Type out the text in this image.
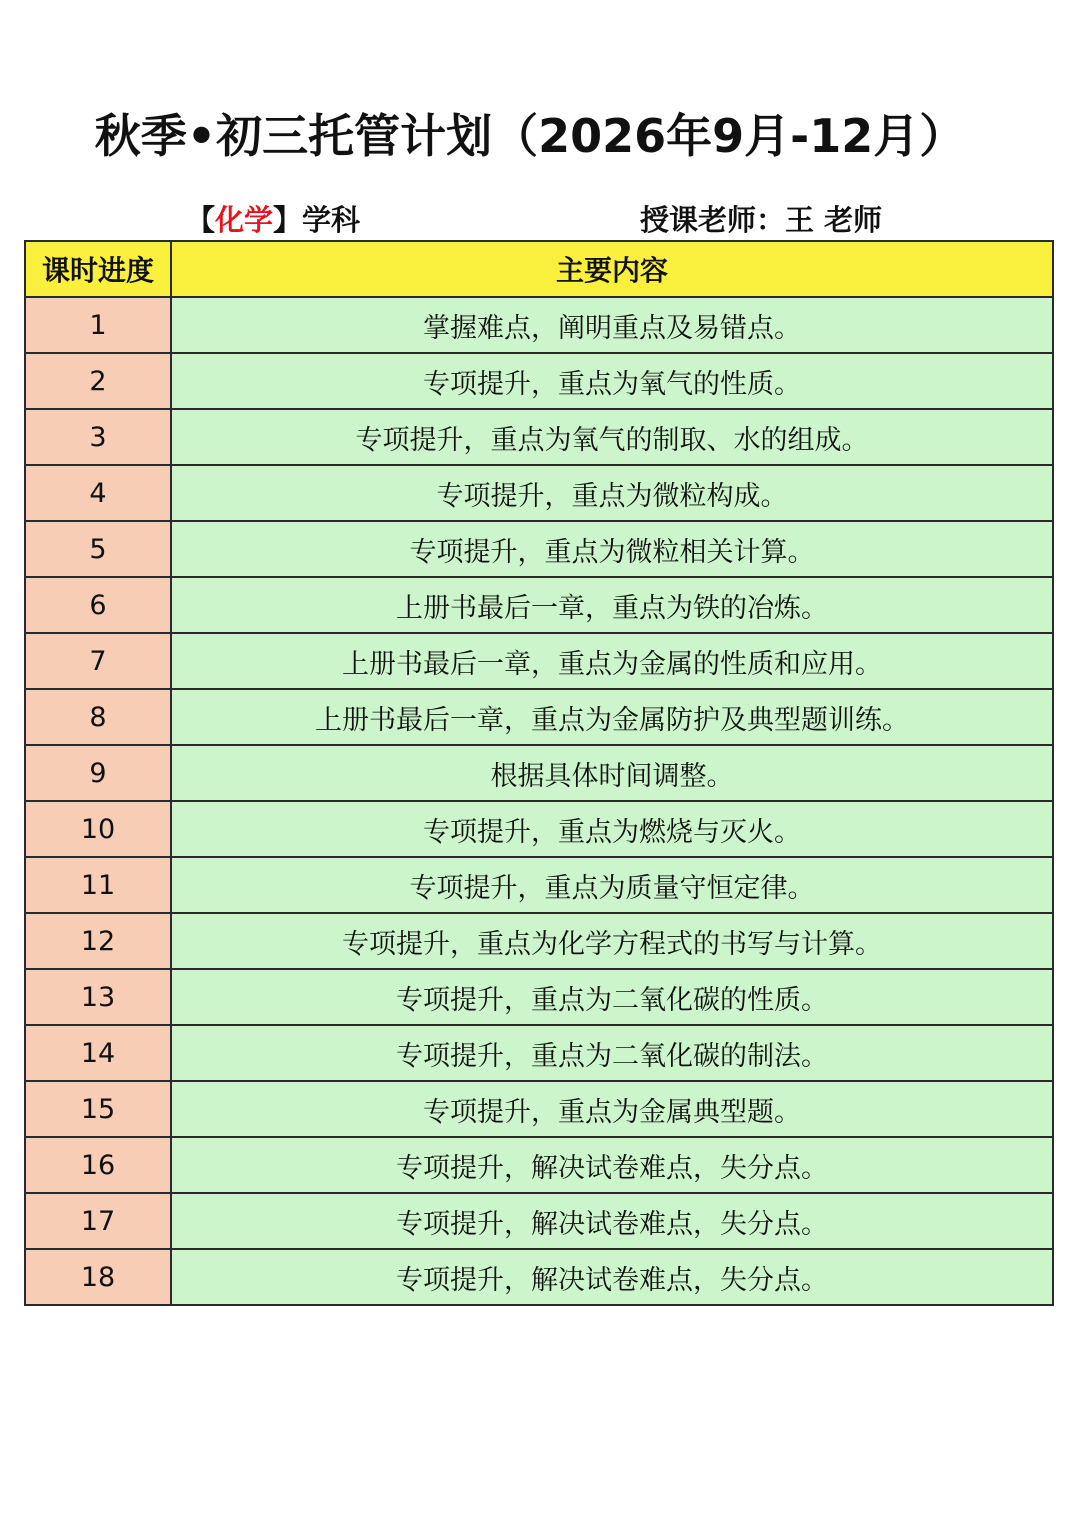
秋季•初三托管计划（2026年9月-12月）
【化学】学科	授课老师：王 老师
课时进度	主要内容
1	掌握难点，阐明重点及易错点。
2	专项提升，重点为氧气的性质。
3	专项提升，重点为氧气的制取、水的组成。
4	专项提升，重点为微粒构成。
5	专项提升，重点为微粒相关计算。
6	上册书最后一章，重点为铁的冶炼。
7	上册书最后一章，重点为金属的性质和应用。
8	上册书最后一章，重点为金属防护及典型题训练。
9	根据具体时间调整。
10	专项提升，重点为燃烧与灭火。
11	专项提升，重点为质量守恒定律。
12	专项提升，重点为化学方程式的书写与计算。
13	专项提升，重点为二氧化碳的性质。
14	专项提升，重点为二氧化碳的制法。
15	专项提升，重点为金属典型题。
16	专项提升，解决试卷难点，失分点。
17	专项提升，解决试卷难点，失分点。
18	专项提升，解决试卷难点，失分点。
